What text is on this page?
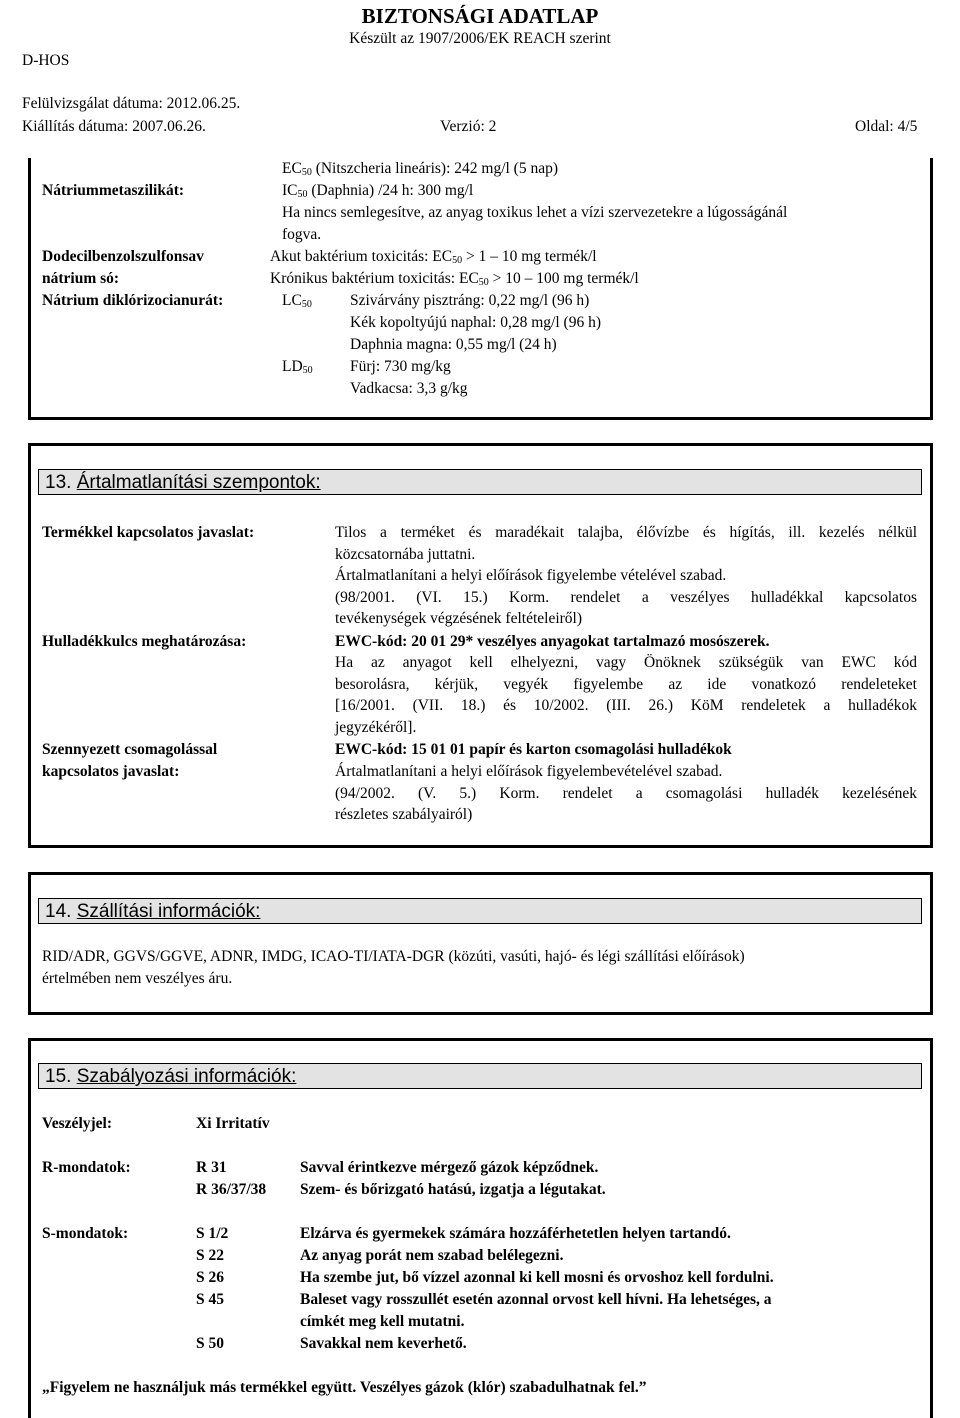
BIZTONSÁGI ADATLAP
Készült az 1907/2006/EK REACH szerint
D-HOS
Felülvizsgálat dátuma: 2012.06.25.
Kiállítás dátuma: 2007.06.26.	Verzió: 2	Oldal: 4/5
$EC_{50}$ (Nitszcheria lineáris): 242 mg/l (5 nap)
Nátriummetaszilikát:	$IC_{50}$ (Daphnia) /24 h: 300 mg/l
Ha nincs semlegesítve, az anyag toxikus lehet a vízi szervezetekre a lúgosságánál
fogva.
Dodecilbenzolszulfonsav
nátrium só:
Akut baktérium toxicitás: $EC_{50} > 1 - 10$ mg termék/l
Krónikus baktérium toxicitás: $EC_{50} > 10 - 100$ mg termék/l
Nátrium diklórizocianurát:	$LC_{50}$ Szivárvány pisztráng: 0,22 mg/l (96 h)
Kék kopoltyújú naphal: 0,28 mg/l (96 h)
Daphnia magna: 0,55 mg/l (24 h)
$LD_{50}$ Fürj: 730 mg/kg
Vadkacsa: 3,3 g/kg
13. Ártalmatlanítási szempontok:
Termékkel kapcsolatos javaslat:	Tilos a terméket és maradékait talajba, élővízbe és hígítás, ill. kezelés nélkül
közcsatornába juttatni.
Ártalmatlanítani a helyi előírások figyelembe vételével szabad.
(98/2001. (VI. 15.) Korm. rendelet a veszélyes hulladékkal kapcsolatos
tevékenységek végzésének feltételeiről)
Hulladékkulcs meghatározása:	EWC-kód: 20 01 29* veszélyes anyagokat tartalmazó mosószerek.
Ha az anyagot kell elhelyezni, vagy Önöknek szükségük van EWC kód
besorolásra, kérjük, vegyék figyelembe az ide vonatkozó rendeleteket
[16/2001. (VII. 18.) és 10/2002. (III. 26.) KöM rendeletek a hulladékok
jegyzékéről].
Szennyezett csomagolással
kapcsolatos javaslat:
EWC-kód: 15 01 01 papír és karton csomagolási hulladékok
Ártalmatlanítani a helyi előírások figyelembevételével szabad.
(94/2002. (V. 5.) Korm. rendelet a csomagolási hulladék kezelésének
részletes szabályairól)
14. Szállítási információk:
RID/ADR, GGVS/GGVE, ADNR, IMDG, ICAO-TI/IATA-DGR (közúti, vasúti, hajó- és légi szállítási előírások)
értelmében nem veszélyes áru.
15. Szabályozási információk:
Veszélyjel:	Xi Irritatív
R-mondatok:	R 31	Savval érintkezve mérgező gázok képződnek.
R 36/37/38 Szem- és bőrizgató hatású, izgatja a légutakat.
S-mondatok:	S 1/2	Elzárva és gyermekek számára hozzáférhetetlen helyen tartandó.
S 22	Az anyag porát nem szabad belélegezni.
S 26	Ha szembe jut, bő vízzel azonnal ki kell mosni és orvoshoz kell fordulni.
S 45	Baleset vagy rosszullét esetén azonnal orvost kell hívni. Ha lehetséges, a
címkét meg kell mutatni.
S 50	Savakkal nem keverhető.
„Figyelem ne használjuk más termékkel együtt. Veszélyes gázok (klór) szabadulhatnak fel.”
